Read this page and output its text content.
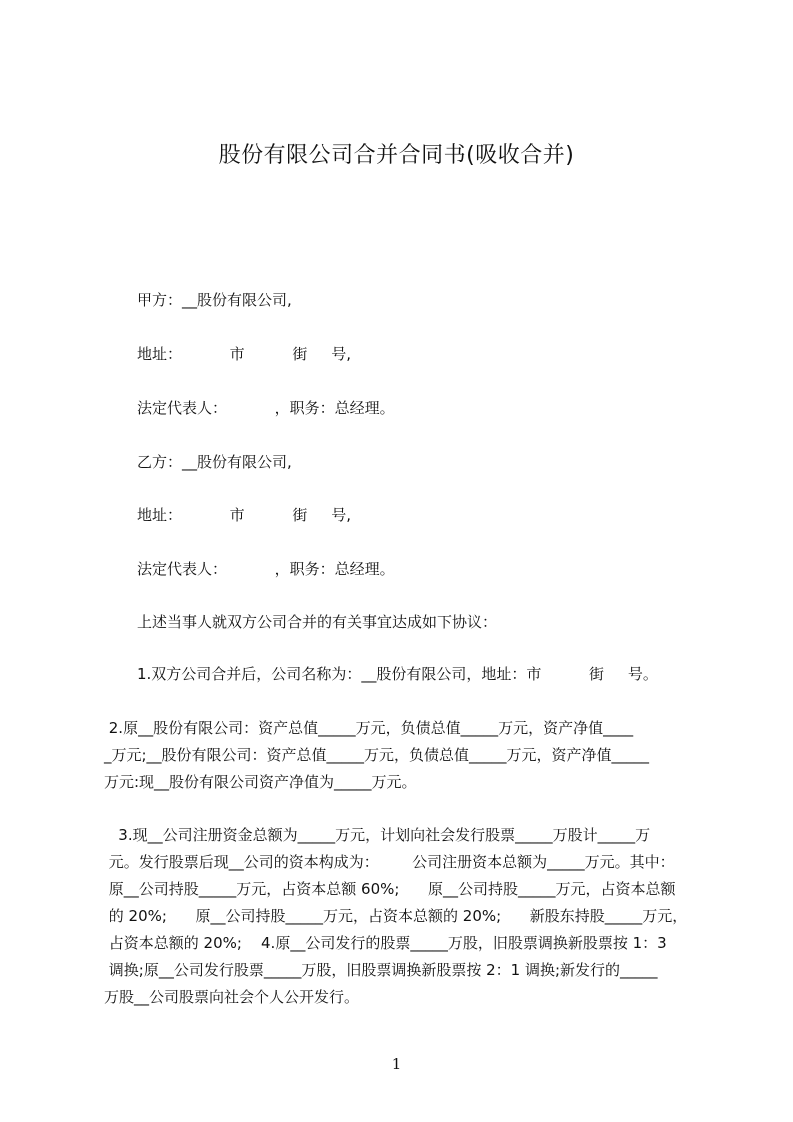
股份有限公司合并合同书(吸收合并)
甲方：__股份有限公司,
地址：          市          街     号,
法定代表人：          ，职务：总经理。
乙方：__股份有限公司,
地址：          市          街     号,
法定代表人：          ，职务：总经理。
上述当事人就双方公司合并的有关事宜达成如下协议：
1.双方公司合并后，公司名称为：__股份有限公司，地址：市          街     号。
2.原__股份有限公司：资产总值_____万元，负债总值_____万元，资产净值____
_万元;__股份有限公司：资产总值_____万元，负债总值_____万元，资产净值_____
万元:现__股份有限公司资产净值为_____万元。
3.现__公司注册资金总额为_____万元，计划向社会发行股票_____万股计_____万
元。发行股票后现__公司的资本构成为：       公司注册资本总额为_____万元。其中：
原__公司持股_____万元，占资本总额 60%;      原__公司持股_____万元，占资本总额
的 20%;      原__公司持股_____万元，占资本总额的 20%;      新股东持股_____万元，
占资本总额的 20%;    4.原__公司发行的股票_____万股，旧股票调换新股票按 1：3
调换;原__公司发行股票_____万股，旧股票调换新股票按 2：1 调换;新发行的_____
万股__公司股票向社会个人公开发行。
1
